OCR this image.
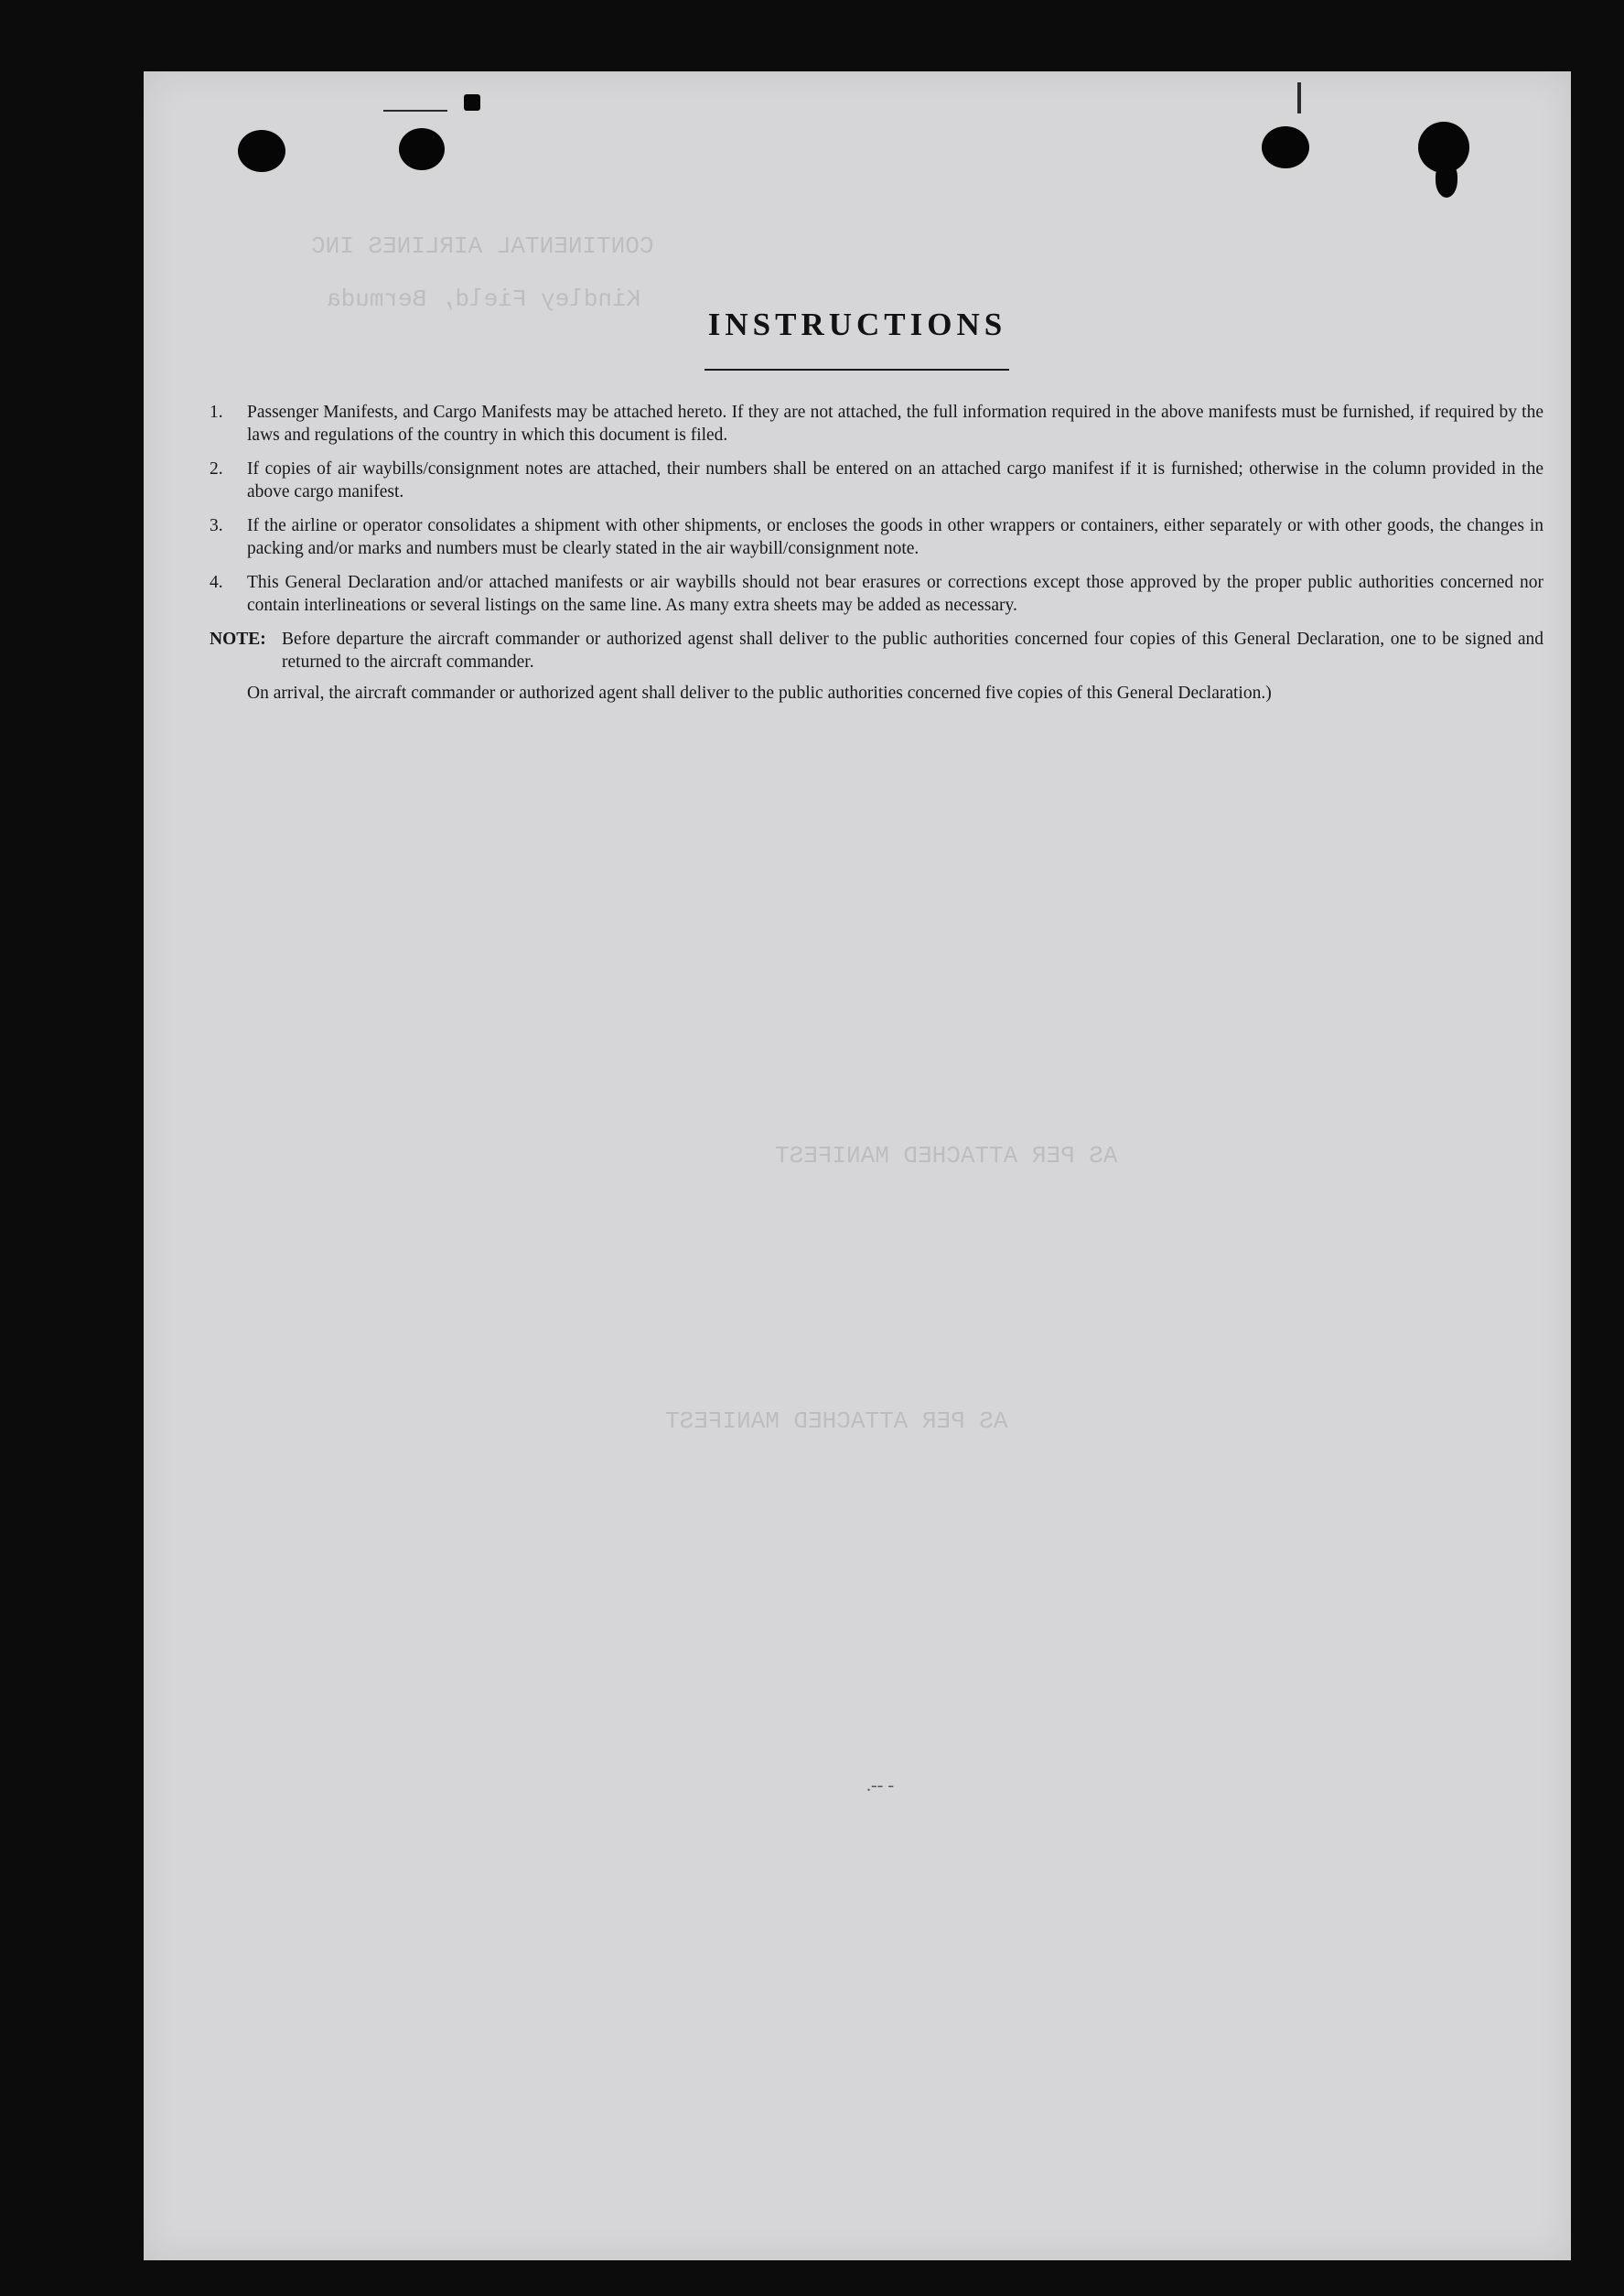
CONTINENTAL AIRLINES INC
Kindley Field, Bermuda
AS PER ATTACHED MANIFEST
AS PER ATTACHED MANIFEST
INSTRUCTIONS
1.	Passenger Manifests, and Cargo Manifests may be attached hereto. If they are not attached, the full information required in the above manifests must be furnished, if required by the laws and regulations of the country in which this document is filed.
2.	If copies of air waybills/consignment notes are attached, their numbers shall be entered on an attached cargo manifest if it is furnished; otherwise in the column provided in the above cargo manifest.
3.	If the airline or operator consolidates a shipment with other shipments, or encloses the goods in other wrappers or containers, either separately or with other goods, the changes in packing and/or marks and numbers must be clearly stated in the air waybill/consignment note.
4.	This General Declaration and/or attached manifests or air waybills should not bear erasures or corrections except those approved by the proper public authorities concerned nor contain interlineations or several listings on the same line. As many extra sheets may be added as necessary.
NOTE: Before departure the aircraft commander or authorized agenst shall deliver to the public authorities concerned four copies of this General Declaration, one to be signed and returned to the aircraft commander.

On arrival, the aircraft commander or authorized agent shall deliver to the public authorities concerned five copies of this General Declaration.)
.-- -
